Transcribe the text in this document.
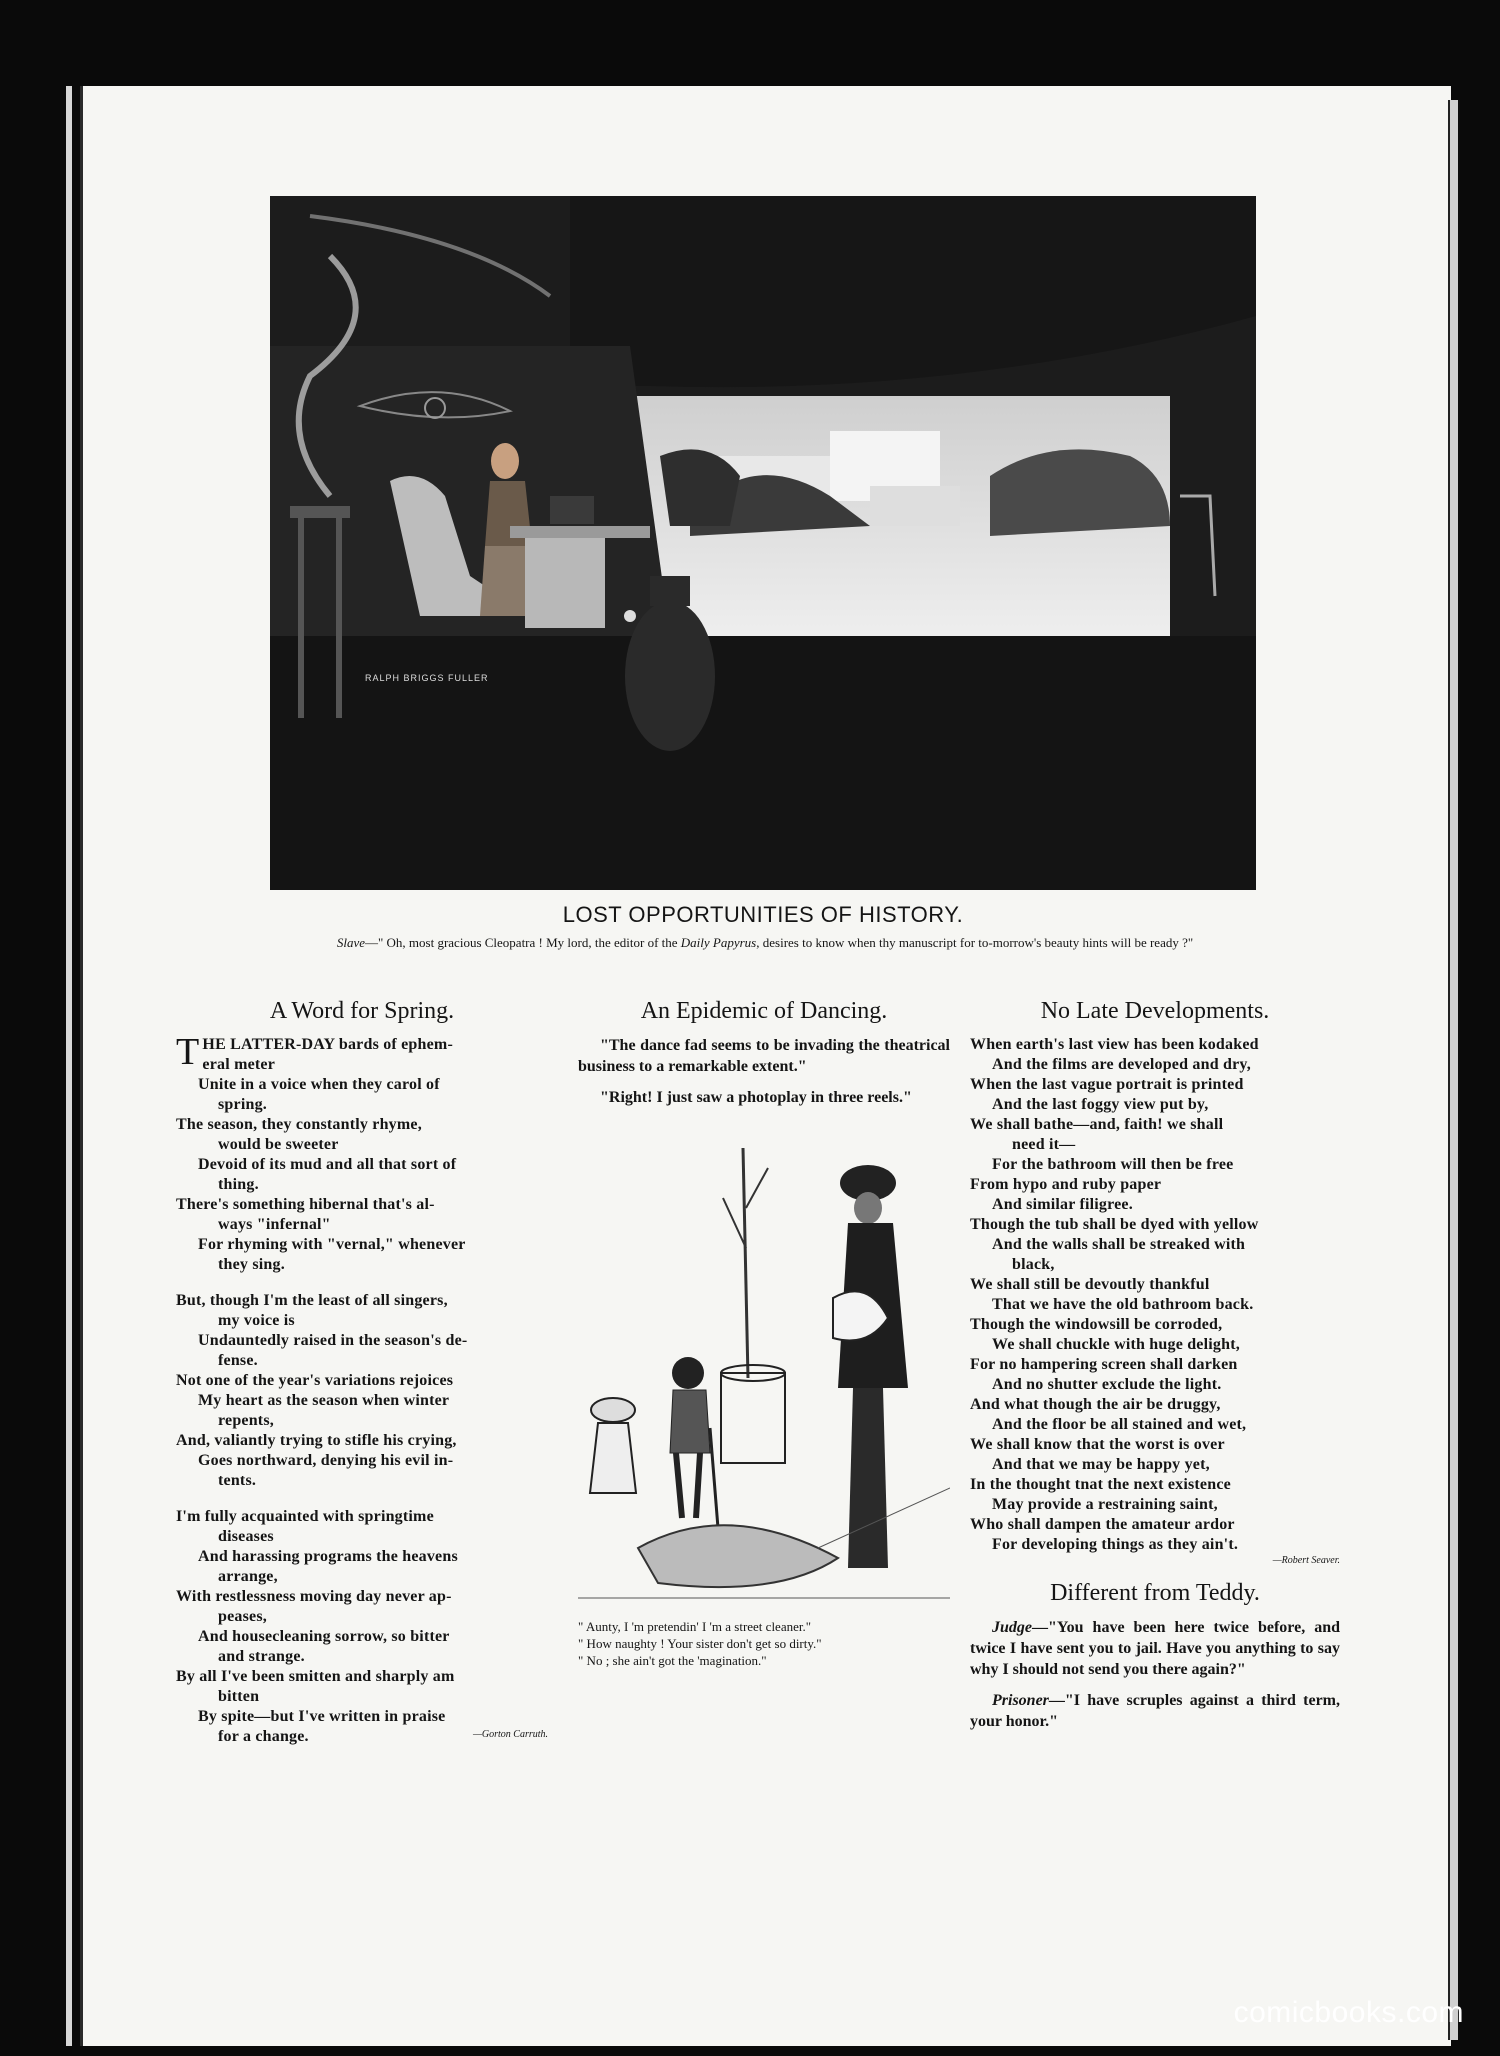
RALPH BRIGGS FULLER
LOST OPPORTUNITIES OF HISTORY.
Slave—" Oh, most gracious Cleopatra ! My lord, the editor of the Daily Papyrus, desires to know when thy manuscript for to-morrow's beauty hints will be ready ?"
A Word for Spring.
T HE LATTER-DAY bards of ephem-
eral meter
Unite in a voice when they carol of
spring.
The season, they constantly rhyme,
would be sweeter
Devoid of its mud and all that sort of
thing.
There's something hibernal that's al-
ways "infernal"
For rhyming with "vernal," whenever
they sing.
But, though I'm the least of all singers,
my voice is
Undauntedly raised in the season's de-
fense.
Not one of the year's variations rejoices
My heart as the season when winter
repents,
And, valiantly trying to stifle his crying,
Goes northward, denying his evil in-
tents.
I'm fully acquainted with springtime
diseases
And harassing programs the heavens
arrange,
With restlessness moving day never ap-
peases,
And housecleaning sorrow, so bitter
and strange.
By all I've been smitten and sharply am
bitten
By spite—but I've written in praise
for a change.	—Gorton Carruth.
An Epidemic of Dancing.

"The dance fad seems to be invading the theatrical business to a remarkable extent."

"Right! I just saw a photoplay in three reels."

" Aunty, I 'm pretendin' I 'm a street cleaner."
" How naughty ! Your sister don't get so dirty."
" No ; she ain't got the 'magination."
No Late Developments.
When earth's last view has been kodaked
And the films are developed and dry,
When the last vague portrait is printed
And the last foggy view put by,
We shall bathe—and, faith! we shall
need it—
For the bathroom will then be free
From hypo and ruby paper
And similar filigree.
Though the tub shall be dyed with yellow
And the walls shall be streaked with
black,
We shall still be devoutly thankful
That we have the old bathroom back.
Though the windowsill be corroded,
We shall chuckle with huge delight,
For no hampering screen shall darken
And no shutter exclude the light.
And what though the air be druggy,
And the floor be all stained and wet,
We shall know that the worst is over
And that we may be happy yet,
In the thought tnat the next existence
May provide a restraining saint,
Who shall dampen the amateur ardor
For developing things as they ain't.
—Robert Seaver.
Different from Teddy.

Judge—"You have been here twice before, and twice I have sent you to jail. Have you anything to say why I should not send you there again?"

Prisoner—"I have scruples against a third term, your honor."

comicbooks.com
